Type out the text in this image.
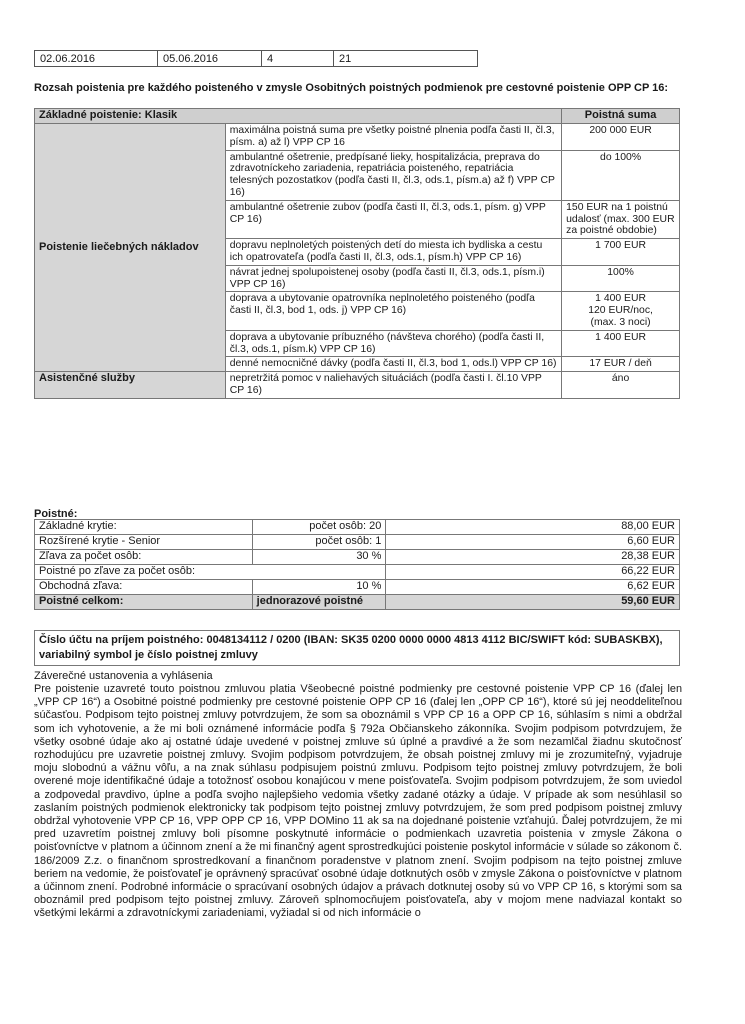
02.06.2016	05.06.2016	4	21
Rozsah poistenia pre každého poisteného v zmysle Osobitných poistných podmienok pre cestovné poistenie OPP CP 16:
Základné poistenie: Klasik		Poistná suma
Poistenie liečebných nákladov	maximálna poistná suma pre všetky poistné plnenia podľa časti II, čl.3, písm. a) až l) VPP CP 16	200 000 EUR
	ambulantné ošetrenie, predpísané lieky, hospitalizácia, preprava do zdravotníckeho zariadenia, repatriácia poisteného, repatriácia telesných pozostatkov (podľa časti II, čl.3, ods.1, písm.a) až f) VPP CP 16)	do 100%
	ambulantné ošetrenie zubov (podľa časti II, čl.3, ods.1, písm. g) VPP CP 16)	150 EUR na 1 poistnú udalosť (max. 300 EUR za poistné obdobie)
	dopravu neplnoletých poistených detí do miesta ich bydliska a cestu ich opatrovateľa (podľa časti II, čl.3, ods.1, písm.h) VPP CP 16)	1 700 EUR
	návrat jednej spolupoistenej osoby (podľa časti II, čl.3, ods.1, písm.i) VPP CP 16)	100%
	doprava a ubytovanie opatrovníka neplnoletého poisteného (podľa časti II, čl.3, bod 1, ods. j) VPP CP 16)	1 400 EUR
120 EUR/noc,
(max. 3 noci)
	doprava a ubytovanie príbuzného (návšteva chorého) (podľa časti II, čl.3, ods.1, písm.k) VPP CP 16)	1 400 EUR
	denné nemocničné dávky (podľa časti II, čl.3, bod 1, ods.l) VPP CP 16)	17 EUR / deň
Asistenčné služby	nepretržitá pomoc v naliehavých situáciách (podľa časti I. čl.10 VPP CP 16)	áno
Poistné:
Základné krytie:	počet osôb: 20	88,00 EUR
Rozšírené krytie - Senior	počet osôb: 1	6,60 EUR
Zľava za počet osôb:	30 %	28,38 EUR
Poistné po zľave za počet osôb:		66,22 EUR
Obchodná zľava:	10 %	6,62 EUR
Poistné celkom:	jednorazové poistné	59,60 EUR
Číslo účtu na príjem poistného: 0048134112 / 0200 (IBAN: SK35 0200 0000 0000 4813 4112 BIC/SWIFT kód: SUBASKBX), variabilný symbol je číslo poistnej zmluvy
Záverečné ustanovenia a vyhlásenia
Pre poistenie uzavreté touto poistnou zmluvou platia Všeobecné poistné podmienky pre cestovné poistenie VPP CP 16 (ďalej len „VPP CP 16“) a Osobitné poistné podmienky pre cestovné poistenie OPP CP 16 (ďalej len „OPP CP 16“), ktoré sú jej neoddeliteľnou súčasťou. Podpisom tejto poistnej zmluvy potvrdzujem, že som sa oboznámil s VPP CP 16 a OPP CP 16, súhlasím s nimi a obdržal som ich vyhotovenie, a že mi boli oznámené informácie podľa § 792a Občianskeho zákonníka. Svojim podpisom potvrdzujem, že všetky osobné údaje ako aj ostatné údaje uvedené v poistnej zmluve sú úplné a pravdivé a že som nezamlčal žiadnu skutočnosť rozhodujúcu pre uzavretie poistnej zmluvy. Svojim podpisom potvrdzujem, že obsah poistnej zmluvy mi je zrozumiteľný, vyjadruje moju slobodnú a vážnu vôľu, a na znak súhlasu podpisujem poistnú zmluvu. Podpisom tejto poistnej zmluvy potvrdzujem, že boli overené moje identifikačné údaje a totožnosť osobou konajúcou v mene poisťovateľa. Svojim podpisom potvrdzujem, že som uviedol a zodpovedal pravdivo, úplne a podľa svojho najlepšieho vedomia všetky zadané otázky a údaje. V prípade ak som nesúhlasil so zaslaním poistných podmienok elektronicky tak podpisom tejto poistnej zmluvy potvrdzujem, že som pred podpisom poistnej zmluvy obdržal vyhotovenie VPP CP 16, VPP OPP CP 16, VPP DOMino 11 ak sa na dojednané poistenie vzťahujú. Ďalej potvrdzujem, že mi pred uzavretím poistnej zmluvy boli písomne poskytnuté informácie o podmienkach uzavretia poistenia v zmysle Zákona o poisťovníctve v platnom a účinnom znení a že mi finančný agent sprostredkujúci poistenie poskytol informácie v súlade so zákonom č. 186/2009 Z.z. o finančnom sprostredkovaní a finančnom poradenstve v platnom znení. Svojim podpisom na tejto poistnej zmluve beriem na vedomie, že poisťovateľ je oprávnený spracúvať osobné údaje dotknutých osôb v zmysle Zákona o poisťovníctve v platnom a účinnom znení. Podrobné informácie o spracúvaní osobných údajov a právach dotknutej osoby sú vo VPP CP 16, s ktorými som sa oboznámil pred podpisom tejto poistnej zmluvy. Zároveň splnomocňujem poisťovateľa, aby v mojom mene nadviazal kontakt so všetkými lekármi a zdravotníckymi zariadeniami, vyžiadal si od nich informácie o
